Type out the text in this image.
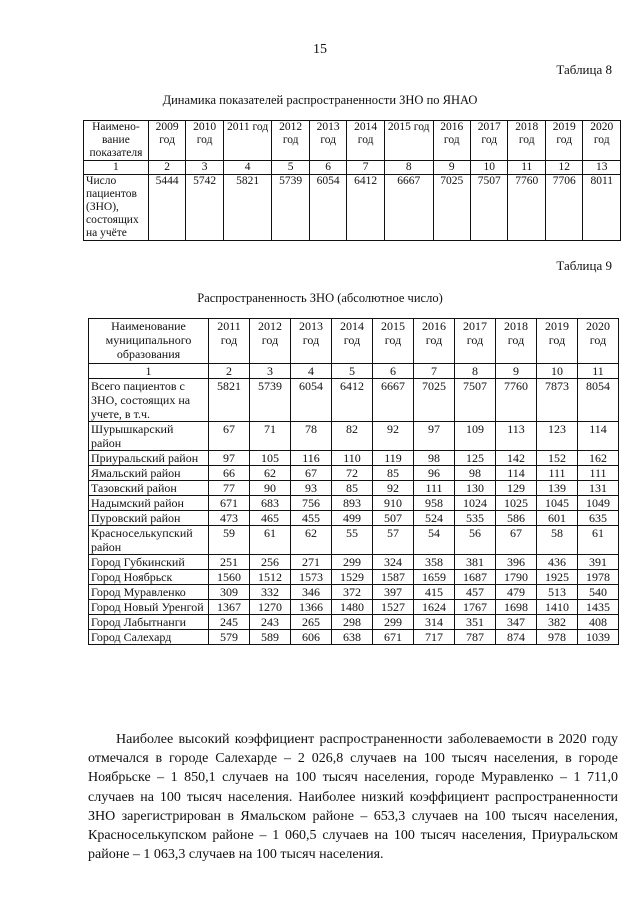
15
Таблица 8
Динамика показателей распространенности ЗНО по ЯНАО
Наимено-вание показателя	2009 год	2010 год	2011 год	2012 год	2013 год	2014 год	2015 год	2016 год	2017 год	2018 год	2019 год	2020 год
1	2	3	4	5	6	7	8	9	10	11	12	13
Число пациентов (ЗНО), состоящих на учёте	5444	5742	5821	5739	6054	6412	6667	7025	7507	7760	7706	8011
Таблица 9
Распространенность ЗНО (абсолютное число)
Наименование муниципального образования	2011 год	2012 год	2013 год	2014 год	2015 год	2016 год	2017 год	2018 год	2019 год	2020 год
1	2	3	4	5	6	7	8	9	10	11
Всего пациентов с ЗНО, состоящих на учете, в т.ч.	5821	5739	6054	6412	6667	7025	7507	7760	7873	8054
Шурышкарский район	67	71	78	82	92	97	109	113	123	114
Приуральский район	97	105	116	110	119	98	125	142	152	162
Ямальский район	66	62	67	72	85	96	98	114	111	111
Тазовский район	77	90	93	85	92	111	130	129	139	131
Надымский район	671	683	756	893	910	958	1024	1025	1045	1049
Пуровский район	473	465	455	499	507	524	535	586	601	635
Красноселькупский район	59	61	62	55	57	54	56	67	58	61
Город Губкинский	251	256	271	299	324	358	381	396	436	391
Город Ноябрьск	1560	1512	1573	1529	1587	1659	1687	1790	1925	1978
Город Муравленко	309	332	346	372	397	415	457	479	513	540
Город Новый Уренгой	1367	1270	1366	1480	1527	1624	1767	1698	1410	1435
Город Лабытнанги	245	243	265	298	299	314	351	347	382	408
Город Салехард	579	589	606	638	671	717	787	874	978	1039
Наиболее высокий коэффициент распространенности заболеваемости в 2020 году отмечался в городе Салехарде – 2 026,8 случаев на 100 тысяч населения, в городе Ноябрьске – 1 850,1 случаев на 100 тысяч населения, городе Муравленко – 1 711,0 случаев на 100 тысяч населения. Наиболее низкий коэффициент распространенности ЗНО зарегистрирован в Ямальском районе – 653,3 случаев на 100 тысяч населения, Красноселькупском районе – 1 060,5 случаев на 100 тысяч населения, Приуральском районе – 1 063,3 случаев на 100 тысяч населения.
